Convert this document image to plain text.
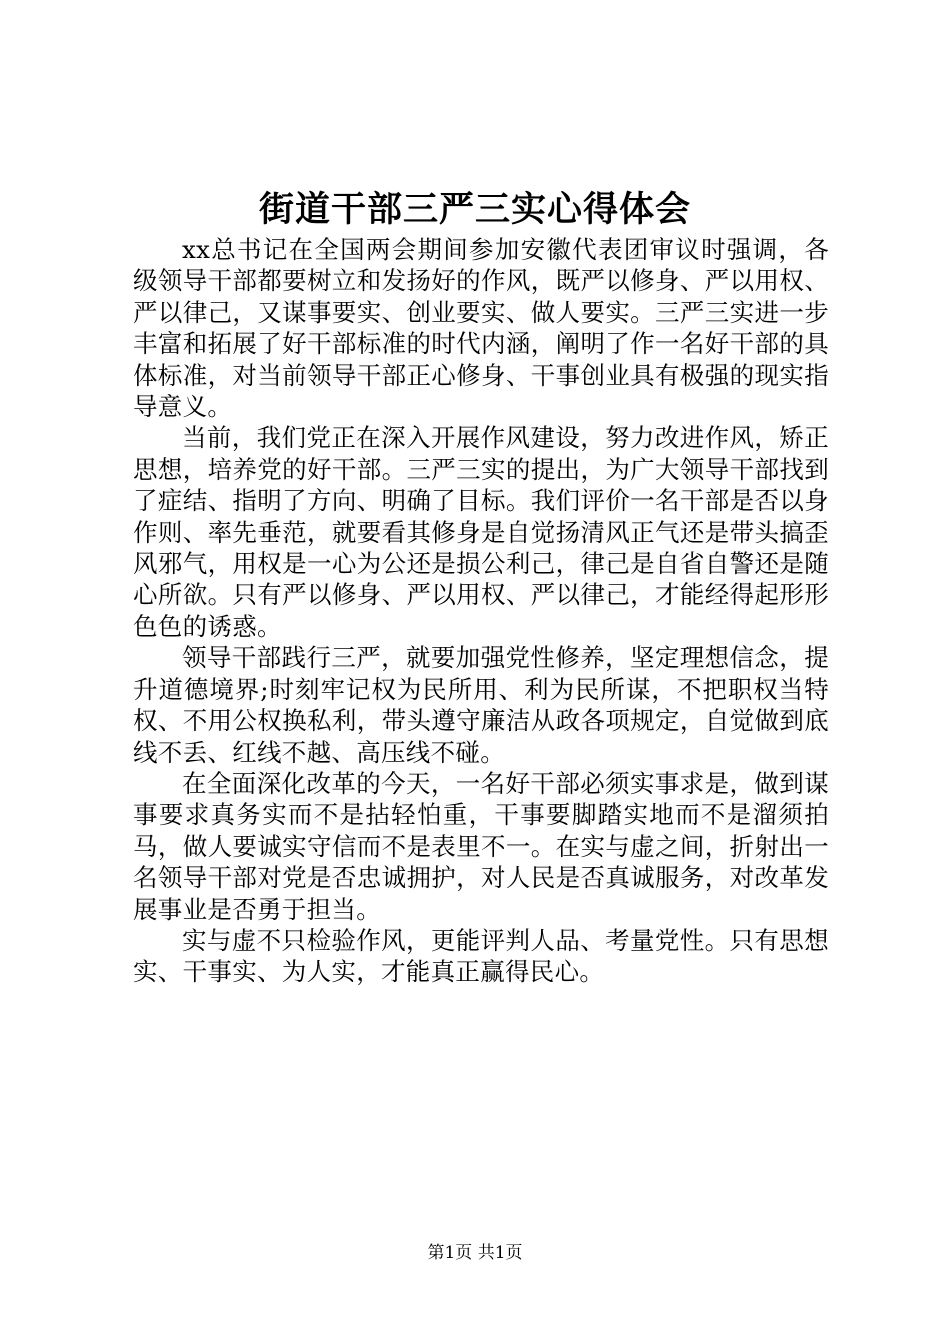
街道干部三严三实心得体会

xx总书记在全国两会期间参加安徽代表团审议时强调，各级领导干部都要树立和发扬好的作风，既严以修身、严以用权、严以律己，又谋事要实、创业要实、做人要实。三严三实进一步丰富和拓展了好干部标准的时代内涵，阐明了作一名好干部的具体标准，对当前领导干部正心修身、干事创业具有极强的现实指导意义。

当前，我们党正在深入开展作风建设，努力改进作风，矫正思想，培养党的好干部。三严三实的提出，为广大领导干部找到了症结、指明了方向、明确了目标。我们评价一名干部是否以身作则、率先垂范，就要看其修身是自觉扬清风正气还是带头搞歪风邪气，用权是一心为公还是损公利己，律己是自省自警还是随心所欲。只有严以修身、严以用权、严以律己，才能经得起形形色色的诱惑。

领导干部践行三严，就要加强党性修养，坚定理想信念，提升道德境界;时刻牢记权为民所用、利为民所谋，不把职权当特权、不用公权换私利，带头遵守廉洁从政各项规定，自觉做到底线不丢、红线不越、高压线不碰。

在全面深化改革的今天，一名好干部必须实事求是，做到谋事要求真务实而不是拈轻怕重，干事要脚踏实地而不是溜须拍马，做人要诚实守信而不是表里不一。在实与虚之间，折射出一名领导干部对党是否忠诚拥护，对人民是否真诚服务，对改革发展事业是否勇于担当。

实与虚不只检验作风，更能评判人品、考量党性。只有思想实、干事实、为人实，才能真正赢得民心。

第1页 共1页
